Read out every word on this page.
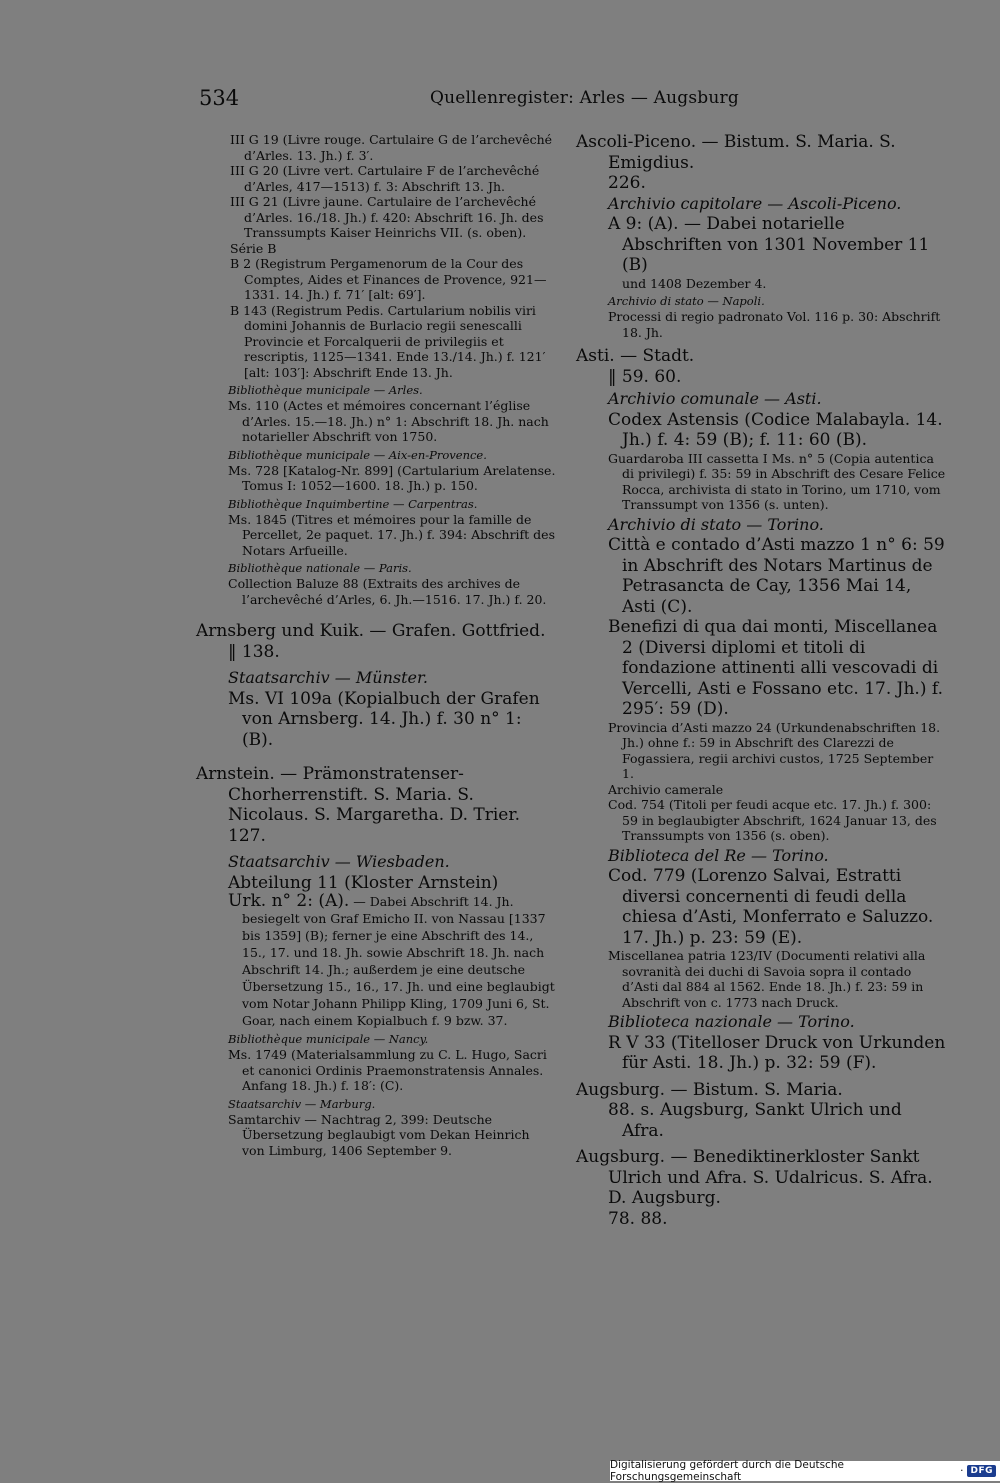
534	Quellenregister: Arles — Augsburg
III G 19 (Livre rouge. Cartulaire G de l’archevêché d’Arles. 13. Jh.) f. 3′.
III G 20 (Livre vert. Cartulaire F de l’archevêché d’Arles, 417—1513) f. 3: Abschrift 13. Jh.
III G 21 (Livre jaune. Cartulaire de l’archevêché d’Arles. 16./18. Jh.) f. 420: Abschrift 16. Jh. des Transsumpts Kaiser Heinrichs VII. (s. oben).
Série B
B 2 (Registrum Pergamenorum de la Cour des Comptes, Aides et Finances de Provence, 921—1331. 14. Jh.) f. 71′ [alt: 69′].
B 143 (Registrum Pedis. Cartularium nobilis viri domini Johannis de Burlacio regii senescalli Provincie et Forcalquerii de privilegiis et rescriptis, 1125—1341. Ende 13./14. Jh.) f. 121′ [alt: 103′]: Abschrift Ende 13. Jh.
Bibliothèque municipale — Arles.
Ms. 110 (Actes et mémoires concernant l’église d’Arles. 15.—18. Jh.) n° 1: Abschrift 18. Jh. nach notarieller Abschrift von 1750.
Bibliothèque municipale — Aix-en-Provence.
Ms. 728 [Katalog-Nr. 899] (Cartularium Arelatense. Tomus I: 1052—1600. 18. Jh.) p. 150.
Bibliothèque Inquimbertine — Carpentras.
Ms. 1845 (Titres et mémoires pour la famille de Percellet, 2e paquet. 17. Jh.) f. 394: Abschrift des Notars Arfueille.
Bibliothèque nationale — Paris.
Collection Baluze 88 (Extraits des archives de l’archevêché d’Arles, 6. Jh.—1516. 17. Jh.) f. 20.
Arnsberg und Kuik. — Grafen. Gottfried.
‖ 138.
Staatsarchiv — Münster.
Ms. VI 109a (Kopialbuch der Grafen von Arnsberg. 14. Jh.) f. 30 n° 1: (B).
Arnstein. — Prämonstratenser-Chorherrenstift. S. Maria. S. Nicolaus. S. Margaretha. D. Trier.
127.
Staatsarchiv — Wiesbaden.
Abteilung 11 (Kloster Arnstein)
Urk. n° 2: (A). — Dabei Abschrift 14. Jh. besiegelt von Graf Emicho II. von Nassau [1337 bis 1359] (B); ferner je eine Abschrift des 14., 15., 17. und 18. Jh. sowie Abschrift 18. Jh. nach Abschrift 14. Jh.; außerdem je eine deutsche Übersetzung 15., 16., 17. Jh. und eine beglaubigt vom Notar Johann Philipp Kling, 1709 Juni 6, St. Goar, nach einem Kopialbuch f. 9 bzw. 37.
Bibliothèque municipale — Nancy.
Ms. 1749 (Materialsammlung zu C. L. Hugo, Sacri et canonici Ordinis Praemonstratensis Annales. Anfang 18. Jh.) f. 18′: (C).
Staatsarchiv — Marburg.
Samtarchiv — Nachtrag 2, 399: Deutsche Übersetzung beglaubigt vom Dekan Heinrich von Limburg, 1406 September 9.
Ascoli-Piceno. — Bistum. S. Maria. S. Emigdius.
226.
Archivio capitolare — Ascoli-Piceno.
A 9: (A). — Dabei notarielle Abschriften von 1301 November 11 (B)
und 1408 Dezember 4.
Archivio di stato — Napoli.
Processi di regio padronato Vol. 116 p. 30: Abschrift 18. Jh.
Asti. — Stadt.
‖ 59. 60.
Archivio comunale — Asti.
Codex Astensis (Codice Malabayla. 14. Jh.) f. 4: 59 (B); f. 11: 60 (B).
Guardaroba III cassetta I Ms. n° 5 (Copia autentica di privilegi) f. 35: 59 in Abschrift des Cesare Felice Rocca, archivista di stato in Torino, um 1710, vom Transsumpt von 1356 (s. unten).
Archivio di stato — Torino.
Città e contado d’Asti mazzo 1 n° 6: 59 in Abschrift des Notars Martinus de Petrasancta de Cay, 1356 Mai 14, Asti (C).
Benefizi di qua dai monti, Miscellanea 2 (Diversi diplomi et titoli di fondazione attinenti alli vescovadi di Vercelli, Asti e Fossano etc. 17. Jh.) f. 295′: 59 (D).
Provincia d’Asti mazzo 24 (Urkundenabschriften 18. Jh.) ohne f.: 59 in Abschrift des Clarezzi de Fogassiera, regii archivi custos, 1725 September 1.
Archivio camerale
Cod. 754 (Titoli per feudi acque etc. 17. Jh.) f. 300: 59 in beglaubigter Abschrift, 1624 Januar 13, des Transsumpts von 1356 (s. oben).
Biblioteca del Re — Torino.
Cod. 779 (Lorenzo Salvai, Estratti diversi concernenti di feudi della chiesa d’Asti, Monferrato e Saluzzo. 17. Jh.) p. 23: 59 (E).
Miscellanea patria 123/IV (Documenti relativi alla sovranità dei duchi di Savoia sopra il contado d’Asti dal 884 al 1562. Ende 18. Jh.) f. 23: 59 in Abschrift von c. 1773 nach Druck.
Biblioteca nazionale — Torino.
R V 33 (Titelloser Druck von Urkunden für Asti. 18. Jh.) p. 32: 59 (F).
Augsburg. — Bistum. S. Maria.
88. s. Augsburg, Sankt Ulrich und Afra.
Augsburg. — Benediktinerkloster Sankt Ulrich und Afra. S. Udalricus. S. Afra. D. Augsburg.
78. 88.
Digitalisierung gefördert durch die Deutsche Forschungsgemeinschaft	· DFG
